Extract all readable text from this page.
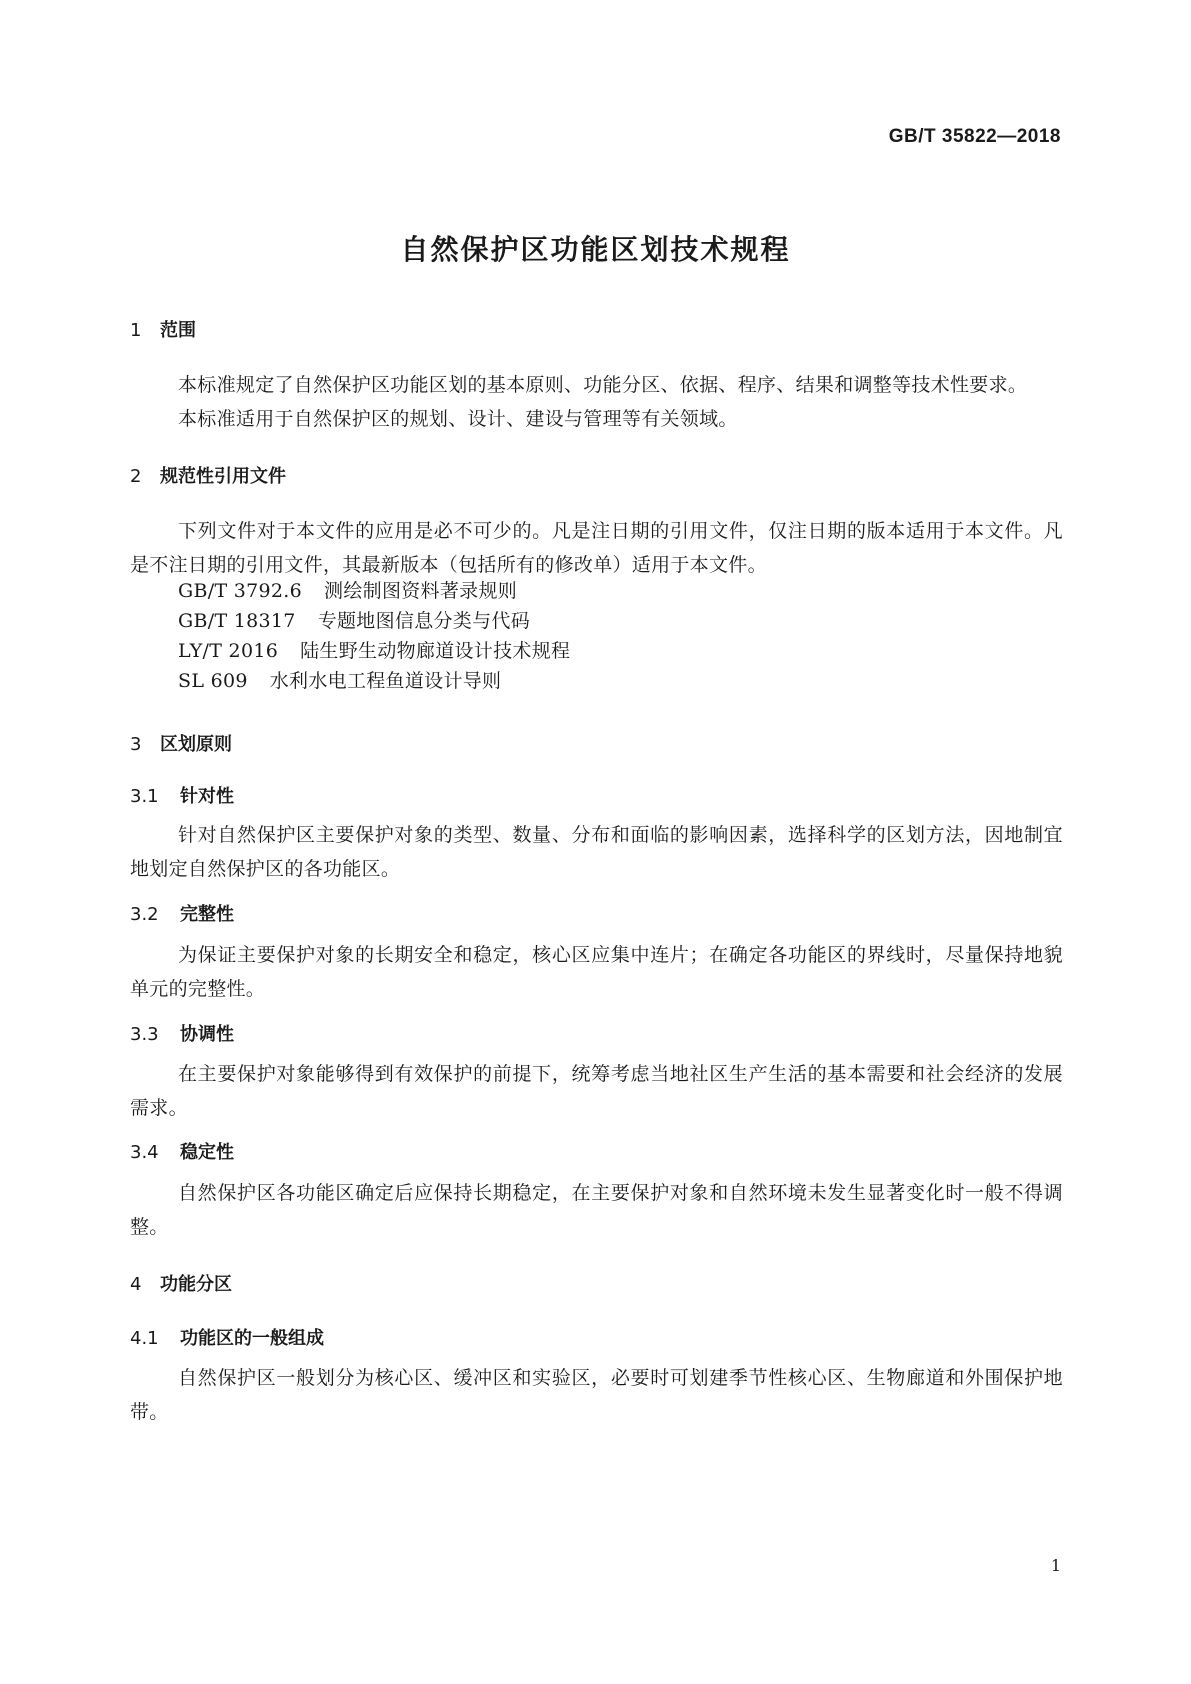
GB/T 35822—2018
自然保护区功能区划技术规程
1 范围
本标准规定了自然保护区功能区划的基本原则、功能分区、依据、程序、结果和调整等技术性要求。
本标准适用于自然保护区的规划、设计、建设与管理等有关领域。
2 规范性引用文件
下列文件对于本文件的应用是必不可少的。凡是注日期的引用文件，仅注日期的版本适用于本文件。凡是不注日期的引用文件，其最新版本（包括所有的修改单）适用于本文件。
GB/T 3792.6 测绘制图资料著录规则
GB/T 18317 专题地图信息分类与代码
LY/T 2016 陆生野生动物廊道设计技术规程
SL 609 水利水电工程鱼道设计导则
3 区划原则
3.1 针对性
针对自然保护区主要保护对象的类型、数量、分布和面临的影响因素，选择科学的区划方法，因地制宜地划定自然保护区的各功能区。
3.2 完整性
为保证主要保护对象的长期安全和稳定，核心区应集中连片；在确定各功能区的界线时，尽量保持地貌单元的完整性。
3.3 协调性
在主要保护对象能够得到有效保护的前提下，统筹考虑当地社区生产生活的基本需要和社会经济的发展需求。
3.4 稳定性
自然保护区各功能区确定后应保持长期稳定，在主要保护对象和自然环境未发生显著变化时一般不得调整。
4 功能分区
4.1 功能区的一般组成
自然保护区一般划分为核心区、缓冲区和实验区，必要时可划建季节性核心区、生物廊道和外围保护地带。
1
